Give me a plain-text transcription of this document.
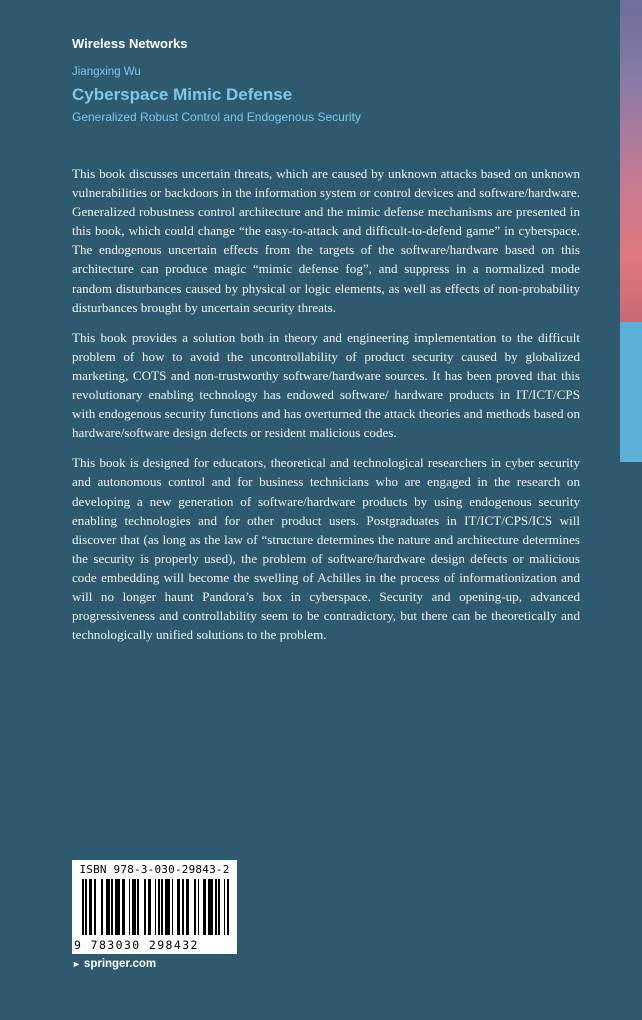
Wireless Networks
Jiangxing Wu
Cyberspace Mimic Defense
Generalized Robust Control and Endogenous Security

This book discusses uncertain threats, which are caused by unknown attacks based on unknown vulnerabilities or backdoors in the information system or control devices and software/hardware. Generalized robustness control architecture and the mimic defense mechanisms are presented in this book, which could change “the easy-to-attack and difficult-to-defend game” in cyberspace. The endogenous uncertain effects from the targets of the software/hardware based on this architecture can produce magic “mimic defense fog”, and suppress in a normalized mode random disturbances caused by physical or logic elements, as well as effects of non-probability disturbances brought by uncertain security threats.

This book provides a solution both in theory and engineering implementation to the difficult problem of how to avoid the uncontrollability of product security caused by globalized marketing, COTS and non-trustworthy software/hardware sources. It has been proved that this revolutionary enabling technology has endowed software/ hardware products in IT/ICT/CPS with endogenous security functions and has overturned the attack theories and methods based on hardware/software design defects or resident malicious codes.

This book is designed for educators, theoretical and technological researchers in cyber security and autonomous control and for business technicians who are engaged in the research on developing a new generation of software/hardware products by using endogenous security enabling technologies and for other product users. Postgraduates in IT/ICT/CPS/ICS will discover that (as long as the law of “structure determines the nature and architecture determines the security is properly used), the problem of software/hardware design defects or malicious code embedding will become the swelling of Achilles in the process of informationization and will no longer haunt Pandora’s box in cyberspace. Security and opening-up, advanced progressiveness and controllability seem to be contradictory, but there can be theoretically and technologically unified solutions to the problem.

ISBN 978-3-030-29843-2
9 783030 298432
► springer.com
